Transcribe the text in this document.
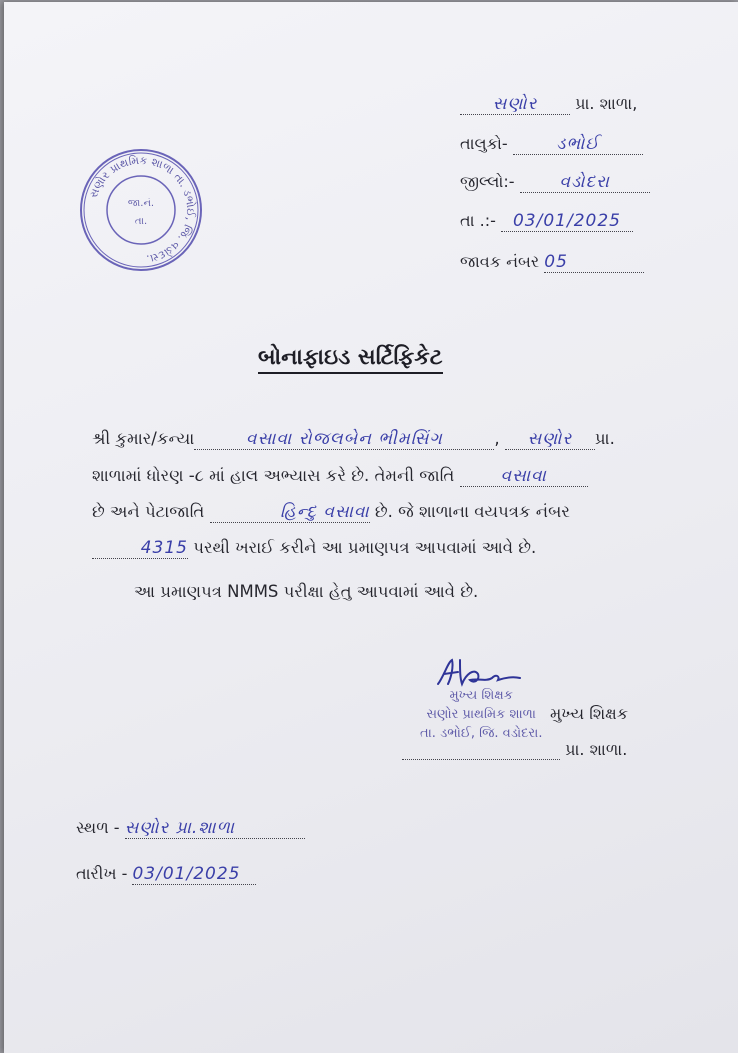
સણોર પ્રા. શાળા,
તાલુકો-	ડભોઈ
જીલ્લો:-	વડોદરા
તા .:- 03/01/2025
જાવક નંબર 05
સણોર પ્રાથમિક શાળા તા. ડભોઈ, જિ. વડોદરા.
જા.નં.
તા.
બોનાફાઇડ સર્ટિફિકેટ
શ્રી કુમાર/કન્યા	વસાવા રોજલબેન ભીમસિંગ	, સણોર પ્રા.
શાળામાં ધોરણ -૮ માં હાલ અભ્યાસ કરે છે. તેમની જાતિ	વસાવા
છે અને પેટાજાતિ	હિન્દુ વસાવા છે. જે શાળાના વયપત્રક નંબર
4315 પરથી ખરાઈ કરીને આ પ્રમાણપત્ર આપવામાં આવે છે.
આ પ્રમાણપત્ર NMMS પરીક્ષા હેતુ આપવામાં આવે છે.
મુખ્ય શિક્ષક
સણોર પ્રાથમિક શાળા
તા. ડભોઈ, જિ. વડોદરા.
મુખ્ય શિક્ષક
પ્રા. શાળા.
સ્થળ - સણોર પ્રા.શાળા
તારીખ - 03/01/2025
